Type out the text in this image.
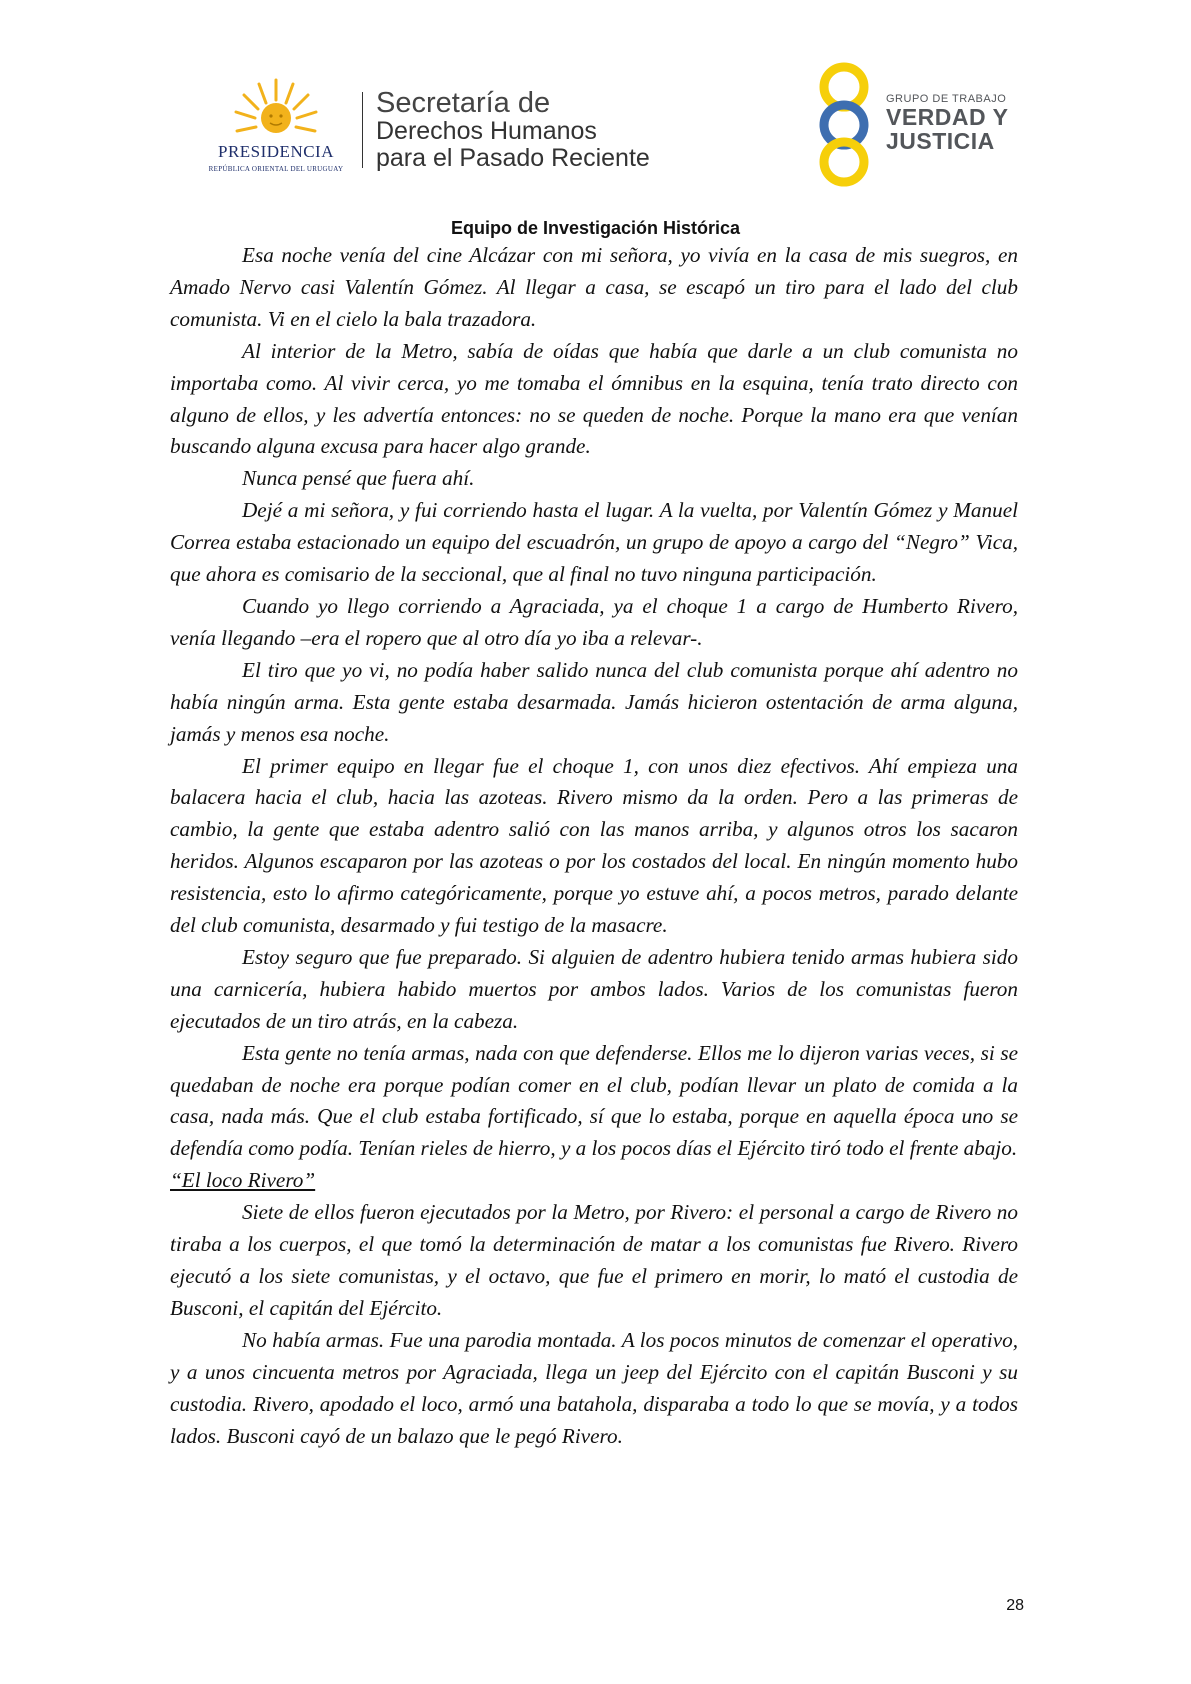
PRESIDENCIA
REPÚBLICA ORIENTAL DEL URUGUAY
Secretaría de
Derechos Humanos
para el Pasado Reciente
GRUPO DE TRABAJO
VERDAD Y
JUSTICIA
Equipo de Investigación Histórica

Esa noche venía del cine Alcázar con mi señora, yo vivía en la casa de mis suegros, en Amado Nervo casi Valentín Gómez. Al llegar a casa, se escapó un tiro para el lado del club comunista. Vi en el cielo la bala trazadora.

Al interior de la Metro, sabía de oídas que había que darle a un club comunista no importaba como. Al vivir cerca, yo me tomaba el ómnibus en la esquina, tenía trato directo con alguno de ellos, y les advertía entonces: no se queden de noche. Porque la mano era que venían buscando alguna excusa para hacer algo grande.

Nunca pensé que fuera ahí.

Dejé a mi señora, y fui corriendo hasta el lugar. A la vuelta, por Valentín Gómez y Manuel Correa estaba estacionado un equipo del escuadrón, un grupo de apoyo a cargo del “Negro” Vica, que ahora es comisario de la seccional, que al final no tuvo ninguna participación.

Cuando yo llego corriendo a Agraciada, ya el choque 1 a cargo de Humberto Rivero, venía llegando –era el ropero que al otro día yo iba a relevar-.

El tiro que yo vi, no podía haber salido nunca del club comunista porque ahí adentro no había ningún arma. Esta gente estaba desarmada. Jamás hicieron ostentación de arma alguna, jamás y menos esa noche.

El primer equipo en llegar fue el choque 1, con unos diez efectivos. Ahí empieza una balacera hacia el club, hacia las azoteas. Rivero mismo da la orden. Pero a las primeras de cambio, la gente que estaba adentro salió con las manos arriba, y algunos otros los sacaron heridos. Algunos escaparon por las azoteas o por los costados del local. En ningún momento hubo resistencia, esto lo afirmo categóricamente, porque yo estuve ahí, a pocos metros, parado delante del club comunista, desarmado y fui testigo de la masacre.

Estoy seguro que fue preparado. Si alguien de adentro hubiera tenido armas hubiera sido una carnicería, hubiera habido muertos por ambos lados. Varios de los comunistas fueron ejecutados de un tiro atrás, en la cabeza.

Esta gente no tenía armas, nada con que defenderse. Ellos me lo dijeron varias veces, si se quedaban de noche era porque podían comer en el club, podían llevar un plato de comida a la casa, nada más. Que el club estaba fortificado, sí que lo estaba, porque en aquella época uno se defendía como podía. Tenían rieles de hierro, y a los pocos días el Ejército tiró todo el frente abajo.

“El loco Rivero”

Siete de ellos fueron ejecutados por la Metro, por Rivero: el personal a cargo de Rivero no tiraba a los cuerpos, el que tomó la determinación de matar a los comunistas fue Rivero. Rivero ejecutó a los siete comunistas, y el octavo, que fue el primero en morir, lo mató el custodia de Busconi, el capitán del Ejército.

No había armas. Fue una parodia montada. A los pocos minutos de comenzar el operativo, y a unos cincuenta metros por Agraciada, llega un jeep del Ejército con el capitán Busconi y su custodia. Rivero, apodado el loco, armó una batahola, disparaba a todo lo que se movía, y a todos lados. Busconi cayó de un balazo que le pegó Rivero.

28
